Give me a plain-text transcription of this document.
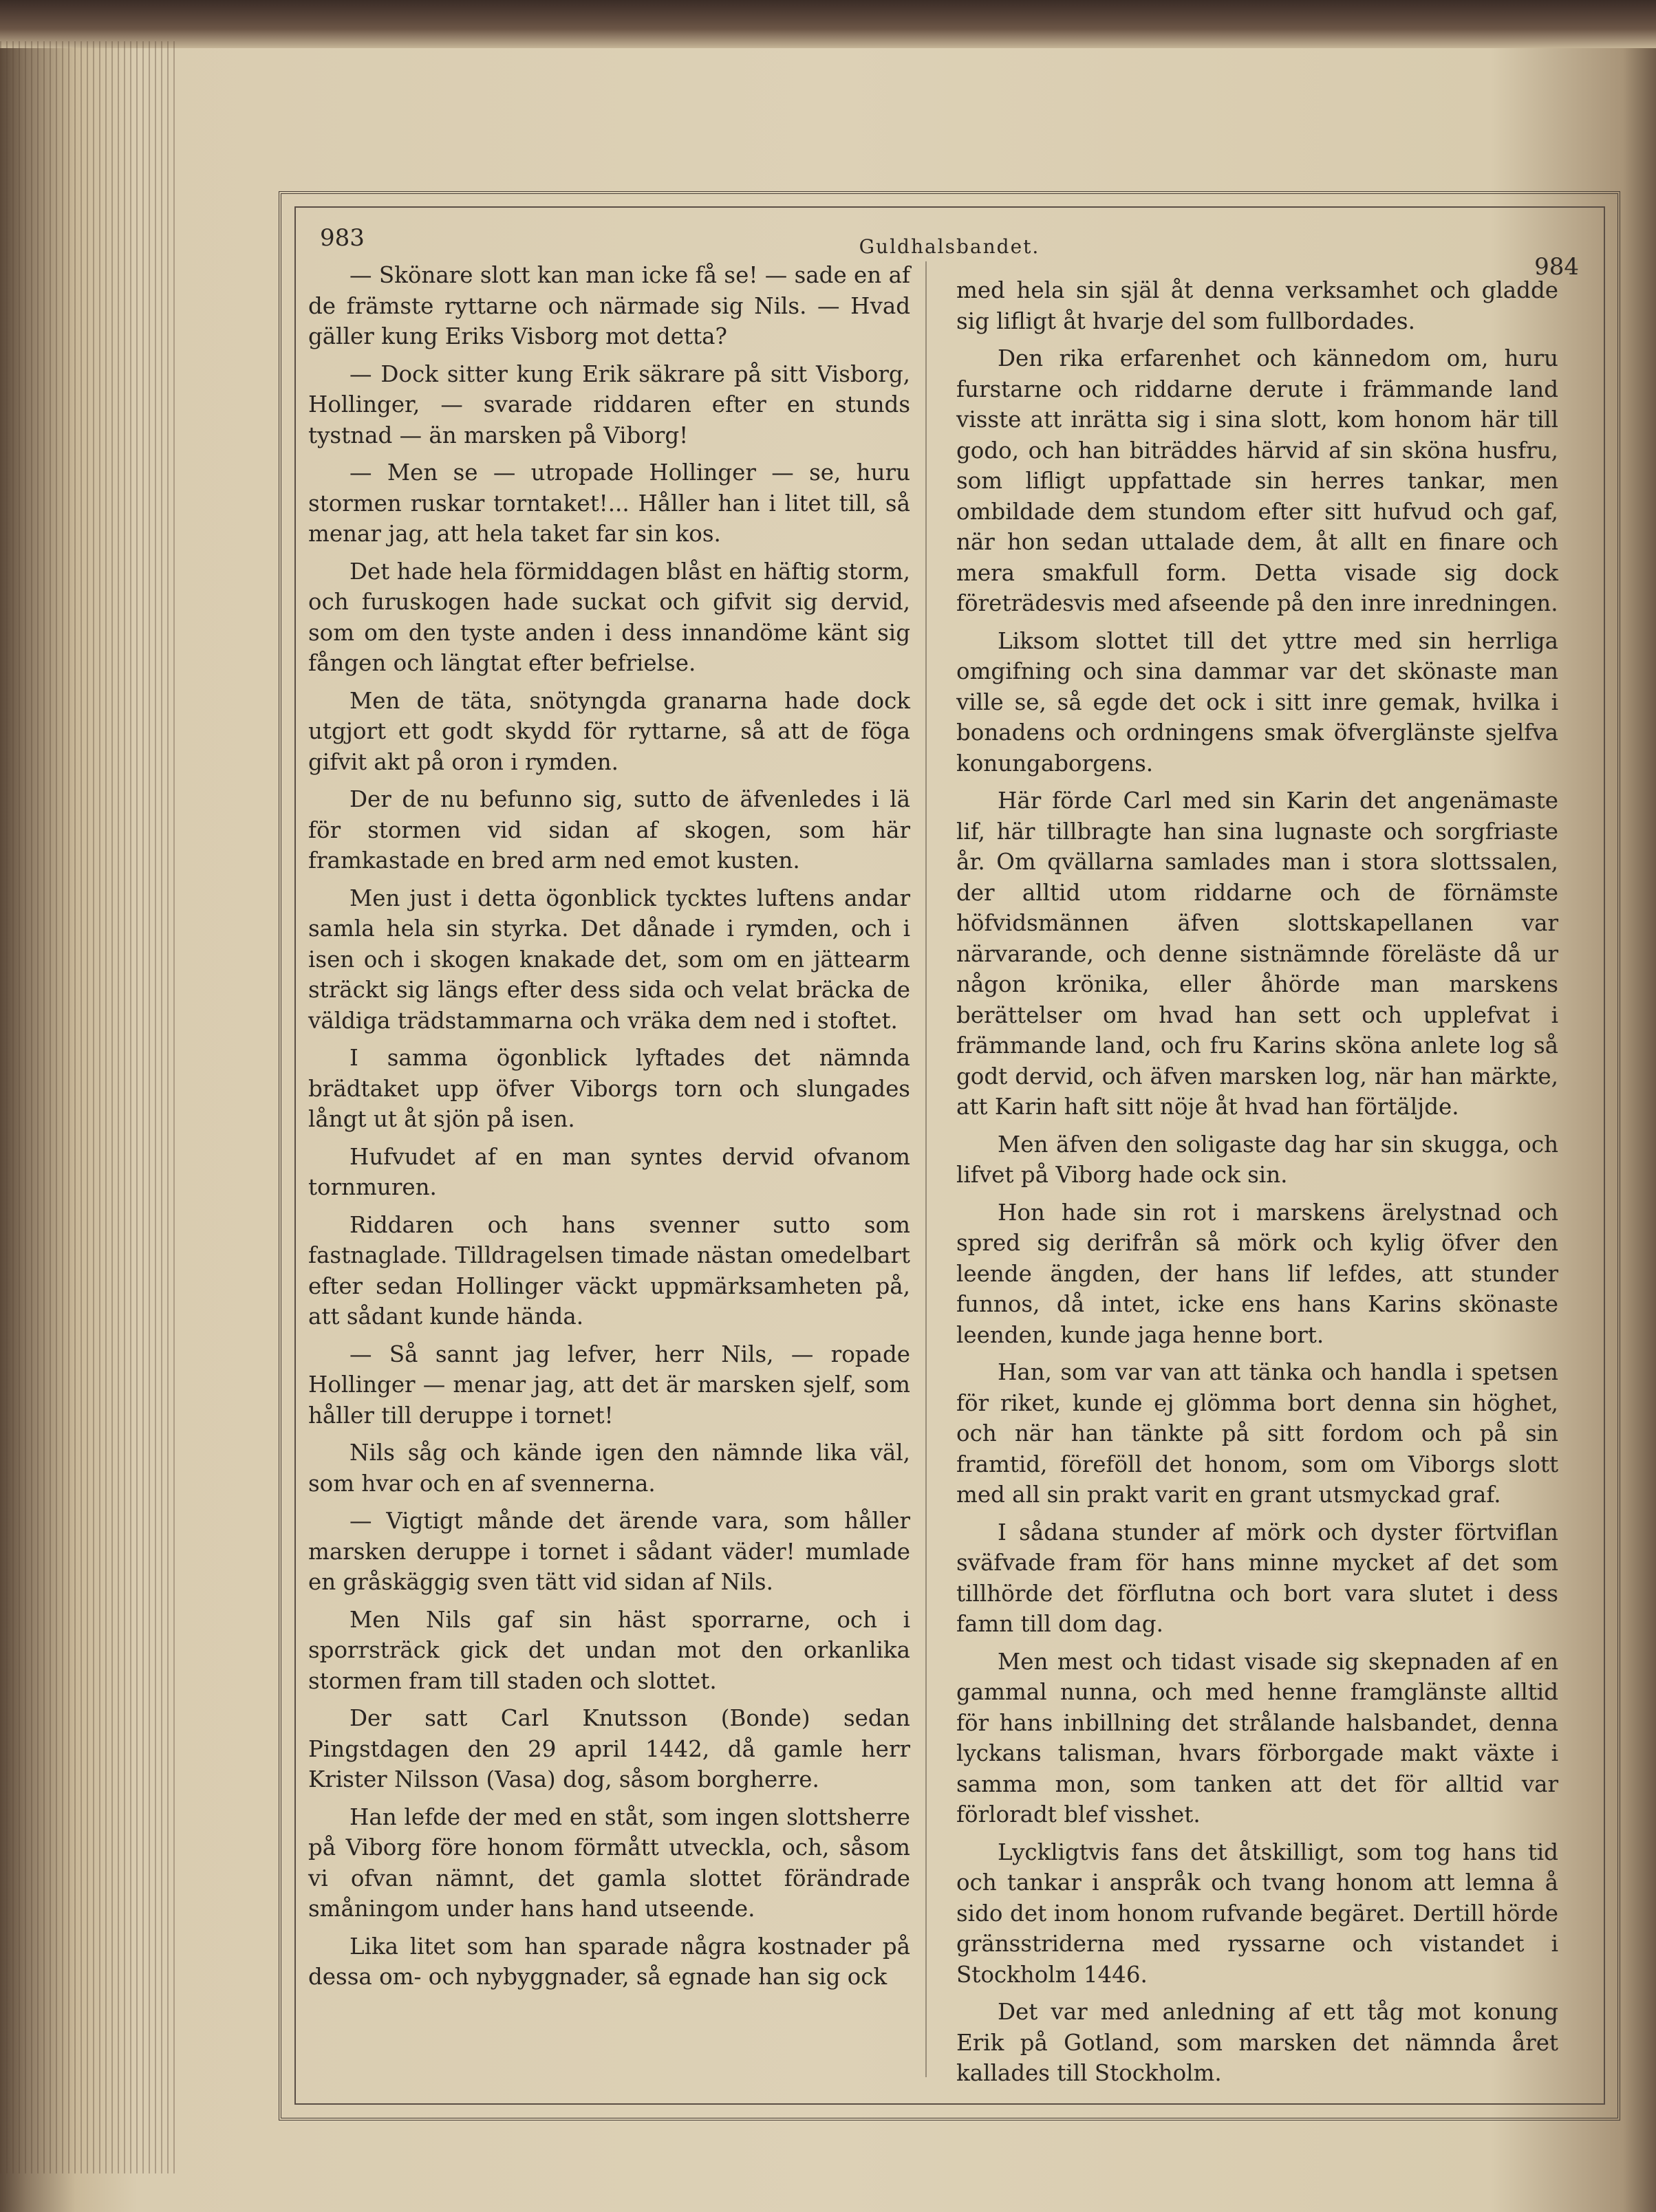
983	Guldhalsbandet.
984

— Skönare slott kan man icke få se! — sade en af de främste ryttarne och närmade sig Nils. — Hvad gäller kung Eriks Visborg mot detta?

— Dock sitter kung Erik säkrare på sitt Visborg, Hollinger, — svarade riddaren efter en stunds tystnad — än marsken på Viborg!

— Men se — utropade Hollinger — se, huru stormen ruskar torntaket!... Håller han i litet till, så menar jag, att hela taket far sin kos.

Det hade hela förmiddagen blåst en häftig storm, och furuskogen hade suckat och gifvit sig dervid, som om den tyste anden i dess innandöme känt sig fången och längtat efter befrielse.

Men de täta, snötyngda granarna hade dock utgjort ett godt skydd för ryttarne, så att de föga gifvit akt på oron i rymden.

Der de nu befunno sig, sutto de äfvenledes i lä för stormen vid sidan af skogen, som här framkastade en bred arm ned emot kusten.

Men just i detta ögonblick tycktes luftens andar samla hela sin styrka. Det dånade i rymden, och i isen och i skogen knakade det, som om en jättearm sträckt sig längs efter dess sida och velat bräcka de väldiga trädstammarna och vräka dem ned i stoftet.

I samma ögonblick lyftades det nämnda brädtaket upp öfver Viborgs torn och slungades långt ut åt sjön på isen.

Hufvudet af en man syntes dervid ofvanom tornmuren.

Riddaren och hans svenner sutto som fastnaglade. Tilldragelsen timade nästan omedelbart efter sedan Hollinger väckt uppmärksamheten på, att sådant kunde hända.

— Så sannt jag lefver, herr Nils, — ropade Hollinger — menar jag, att det är marsken sjelf, som håller till deruppe i tornet!

Nils såg och kände igen den nämnde lika väl, som hvar och en af svennerna.

— Vigtigt månde det ärende vara, som håller marsken deruppe i tornet i sådant väder! mumlade en gråskäggig sven tätt vid sidan af Nils.

Men Nils gaf sin häst sporrarne, och i sporrsträck gick det undan mot den orkanlika stormen fram till staden och slottet.

Der satt Carl Knutsson (Bonde) sedan Pingstdagen den 29 april 1442, då gamle herr Krister Nilsson (Vasa) dog, såsom borgherre.

Han lefde der med en ståt, som ingen slottsherre på Viborg före honom förmått utveckla, och, såsom vi ofvan nämnt, det gamla slottet förändrade småningom under hans hand utseende.

Lika litet som han sparade några kostnader på dessa om- och nybyggnader, så egnade han sig ock

med hela sin själ åt denna verksamhet och gladde sig lifligt åt hvarje del som fullbordades.

Den rika erfarenhet och kännedom om, huru furstarne och riddarne derute i främmande land visste att inrätta sig i sina slott, kom honom här till godo, och han biträddes härvid af sin sköna husfru, som lifligt uppfattade sin herres tankar, men ombildade dem stundom efter sitt hufvud och gaf, när hon sedan uttalade dem, åt allt en finare och mera smakfull form. Detta visade sig dock företrädesvis med afseende på den inre inredningen.

Liksom slottet till det yttre med sin herrliga omgifning och sina dammar var det skönaste man ville se, så egde det ock i sitt inre gemak, hvilka i bonadens och ordningens smak öfverglänste sjelfva konungaborgens.

Här förde Carl med sin Karin det angenämaste lif, här tillbragte han sina lugnaste och sorgfriaste år. Om qvällarna samlades man i stora slottssalen, der alltid utom riddarne och de förnämste höfvidsmännen äfven slottskapellanen var närvarande, och denne sistnämnde föreläste då ur någon krönika, eller åhörde man marskens berättelser om hvad han sett och upplefvat i främmande land, och fru Karins sköna anlete log så godt dervid, och äfven marsken log, när han märkte, att Karin haft sitt nöje åt hvad han förtäljde.

Men äfven den soligaste dag har sin skugga, och lifvet på Viborg hade ock sin.

Hon hade sin rot i marskens ärelystnad och spred sig derifrån så mörk och kylig öfver den leende ängden, der hans lif lefdes, att stunder funnos, då intet, icke ens hans Karins skönaste leenden, kunde jaga henne bort.

Han, som var van att tänka och handla i spetsen för riket, kunde ej glömma bort denna sin höghet, och när han tänkte på sitt fordom och på sin framtid, föreföll det honom, som om Viborgs slott med all sin prakt varit en grant utsmyckad graf.

I sådana stunder af mörk och dyster förtviflan sväfvade fram för hans minne mycket af det som tillhörde det förflutna och bort vara slutet i dess famn till dom dag.

Men mest och tidast visade sig skepnaden af en gammal nunna, och med henne framglänste alltid för hans inbillning det strålande halsbandet, denna lyckans talisman, hvars förborgade makt växte i samma mon, som tanken att det för alltid var förloradt blef visshet.

Lyckligtvis fans det åtskilligt, som tog hans tid och tankar i anspråk och tvang honom att lemna å sido det inom honom rufvande begäret. Dertill hörde gränsstriderna med ryssarne och vistandet i Stockholm 1446.

Det var med anledning af ett tåg mot konung Erik på Gotland, som marsken det nämnda året kallades till Stockholm.
